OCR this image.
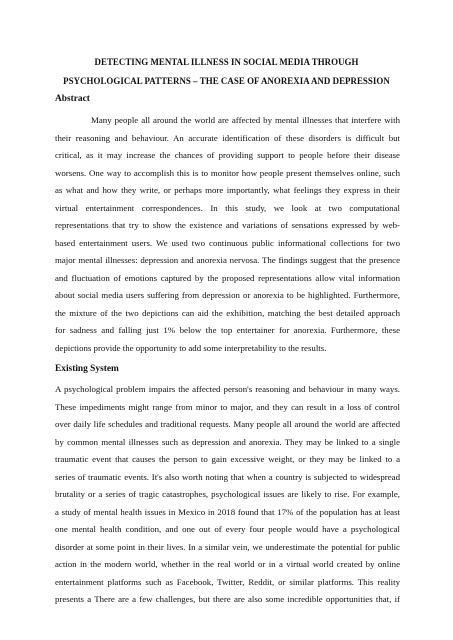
DETECTING MENTAL ILLNESS IN SOCIAL MEDIA THROUGH
PSYCHOLOGICAL PATTERNS – THE CASE OF ANOREXIA AND DEPRESSION
Abstract
Many people all around the world are affected by mental illnesses that interfere with
their reasoning and behaviour. An accurate identification of these disorders is difficult but
critical, as it may increase the chances of providing support to people before their disease
worsens. One way to accomplish this is to monitor how people present themselves online, such
as what and how they write, or perhaps more importantly, what feelings they express in their
virtual entertainment correspondences. In this study, we look at two computational
representations that try to show the existence and variations of sensations expressed by web-
based entertainment users. We used two continuous public informational collections for two
major mental illnesses: depression and anorexia nervosa. The findings suggest that the presence
and fluctuation of emotions captured by the proposed representations allow vital information
about social media users suffering from depression or anorexia to be highlighted. Furthermore,
the mixture of the two depictions can aid the exhibition, matching the best detailed approach
for sadness and falling just 1% below the top entertainer for anorexia. Furthermore, these
depictions provide the opportunity to add some interpretability to the results.
Existing System
A psychological problem impairs the affected person's reasoning and behaviour in many ways.
These impediments might range from minor to major, and they can result in a loss of control
over daily life schedules and traditional requests. Many people all around the world are affected
by common mental illnesses such as depression and anorexia. They may be linked to a single
traumatic event that causes the person to gain excessive weight, or they may be linked to a
series of traumatic events. It's also worth noting that when a country is subjected to widespread
brutality or a series of tragic catastrophes, psychological issues are likely to rise. For example,
a study of mental health issues in Mexico in 2018 found that 17% of the population has at least
one mental health condition, and one out of every four people would have a psychological
disorder at some point in their lives. In a similar vein, we underestimate the potential for public
action in the modern world, whether in the real world or in a virtual world created by online
entertainment platforms such as Facebook, Twitter, Reddit, or similar platforms. This reality
presents a There are a few challenges, but there are also some incredible opportunities that, if
